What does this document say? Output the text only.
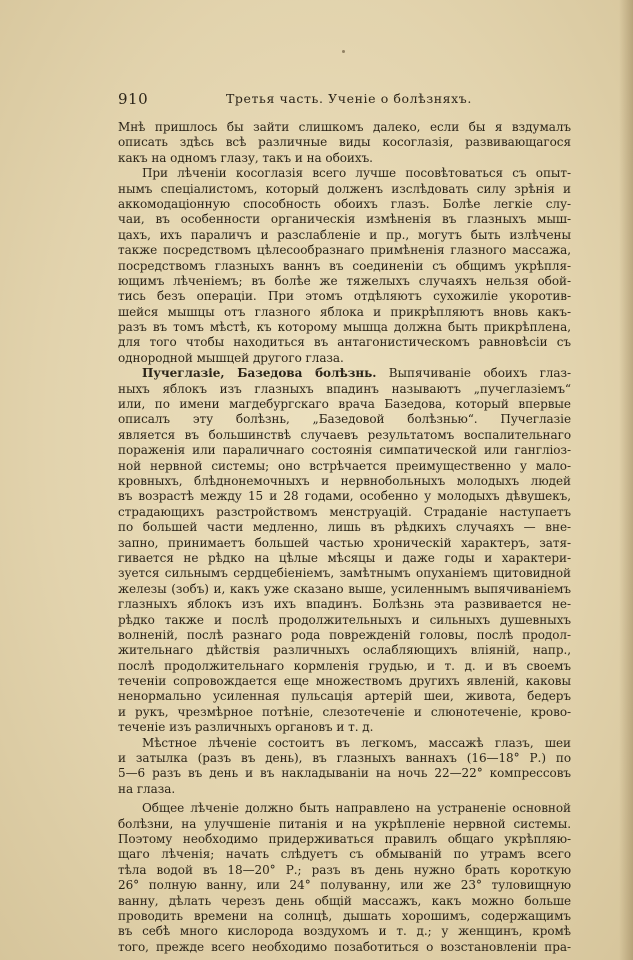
910	Третья часть. Ученіе о болѣзняхъ.
Мнѣ пришлось бы зайти слишкомъ далеко, если бы я вздумалъ
описать здѣсь всѣ различные виды косоглазія, развивающагося
какъ на одномъ глазу, такъ и на обоихъ.
При лѣченіи косоглазія всего лучше посовѣтоваться съ опыт-
нымъ спеціалистомъ, который долженъ изслѣдовать силу зрѣнія и
аккомодаціонную способность обоихъ глазъ. Болѣе легкіе слу-
чаи, въ особенности органическія измѣненія въ глазныхъ мыш-
цахъ, ихъ параличъ и разслабленіе и пр., могутъ быть излѣчены
также посредствомъ цѣлесообразнаго примѣненія глазного массажа,
посредствомъ глазныхъ ваннъ въ соединеніи съ общимъ укрѣпля-
ющимъ лѣченіемъ; въ болѣе же тяжелыхъ случаяхъ нельзя обой-
тись безъ операціи. При этомъ отдѣляютъ сухожиліе укоротив-
шейся мышцы отъ глазного яблока и прикрѣпляютъ вновь какъ-
разъ въ томъ мѣстѣ, къ которому мышца должна быть прикрѣплена,
для того чтобы находиться въ антагонистическомъ равновѣсіи съ
однородной мышцей другого глаза.
Пучеглазіе, Базедова болѣзнь. Выпячиваніе обоихъ глаз-
ныхъ яблокъ изъ глазныхъ впадинъ называютъ „пучеглазіемъ“
или, по имени магдебургскаго врача Базедова, который впервые
описалъ эту болѣзнь, „Базедовой болѣзнью“. Пучеглазіе
является въ большинствѣ случаевъ результатомъ воспалительнаго
пораженія или параличнаго состоянія симпатической или гангліоз-
ной нервной системы; оно встрѣчается преимущественно у мало-
кровныхъ, блѣднонемочныхъ и нервнобольныхъ молодыхъ людей
въ возрастѣ между 15 и 28 годами, особенно у молодыхъ дѣвушекъ,
страдающихъ разстройствомъ менструацій. Страданіе наступаетъ
по большей части медленно, лишь въ рѣдкихъ случаяхъ — вне-
запно, принимаетъ большей частью хроническій характеръ, затя-
гивается не рѣдко на цѣлые мѣсяцы и даже годы и характери-
зуется сильнымъ сердцебіеніемъ, замѣтнымъ опуханіемъ щитовидной
железы (зобъ) и, какъ уже сказано выше, усиленнымъ выпячиваніемъ
глазныхъ яблокъ изъ ихъ впадинъ. Болѣзнь эта развивается не-
рѣдко также и послѣ продолжительныхъ и сильныхъ душевныхъ
волненій, послѣ разнаго рода поврежденій головы, послѣ продол-
жительнаго дѣйствія различныхъ ослабляющихъ вліяній, напр.,
послѣ продолжительнаго кормленія грудью, и т. д. и въ своемъ
теченіи сопровождается еще множествомъ другихъ явленій, каковы
ненормально усиленная пульсація артерій шеи, живота, бедеръ
и рукъ, чрезмѣрное потѣніе, слезотеченіе и слюнотеченіе, крово-
теченіе изъ различныхъ органовъ и т. д.
Мѣстное лѣченіе состоитъ въ легкомъ, массажѣ глазъ, шеи
и затылка (разъ въ день), въ глазныхъ ваннахъ (16—18° Р.) по
5—6 разъ въ день и въ накладываніи на ночь 22—22° компрессовъ
на глаза.
Общее лѣченіе должно быть направлено на устраненіе основной
болѣзни, на улучшеніе питанія и на укрѣпленіе нервной системы.
Поэтому необходимо придерживаться правилъ общаго укрѣпляю-
щаго лѣченія; начать слѣдуетъ съ обмываній по утрамъ всего
тѣла водой въ 18—20° Р.; разъ въ день нужно брать короткую
26° полную ванну, или 24° полуванну, или же 23° туловищную
ванну, дѣлать черезъ день общій массажъ, какъ можно больше
проводить времени на солнцѣ, дышать хорошимъ, содержащимъ
въ себѣ много кислорода воздухомъ и т. д.; у женщинъ, кромѣ
того, прежде всего необходимо позаботиться о возстановленіи пра-
